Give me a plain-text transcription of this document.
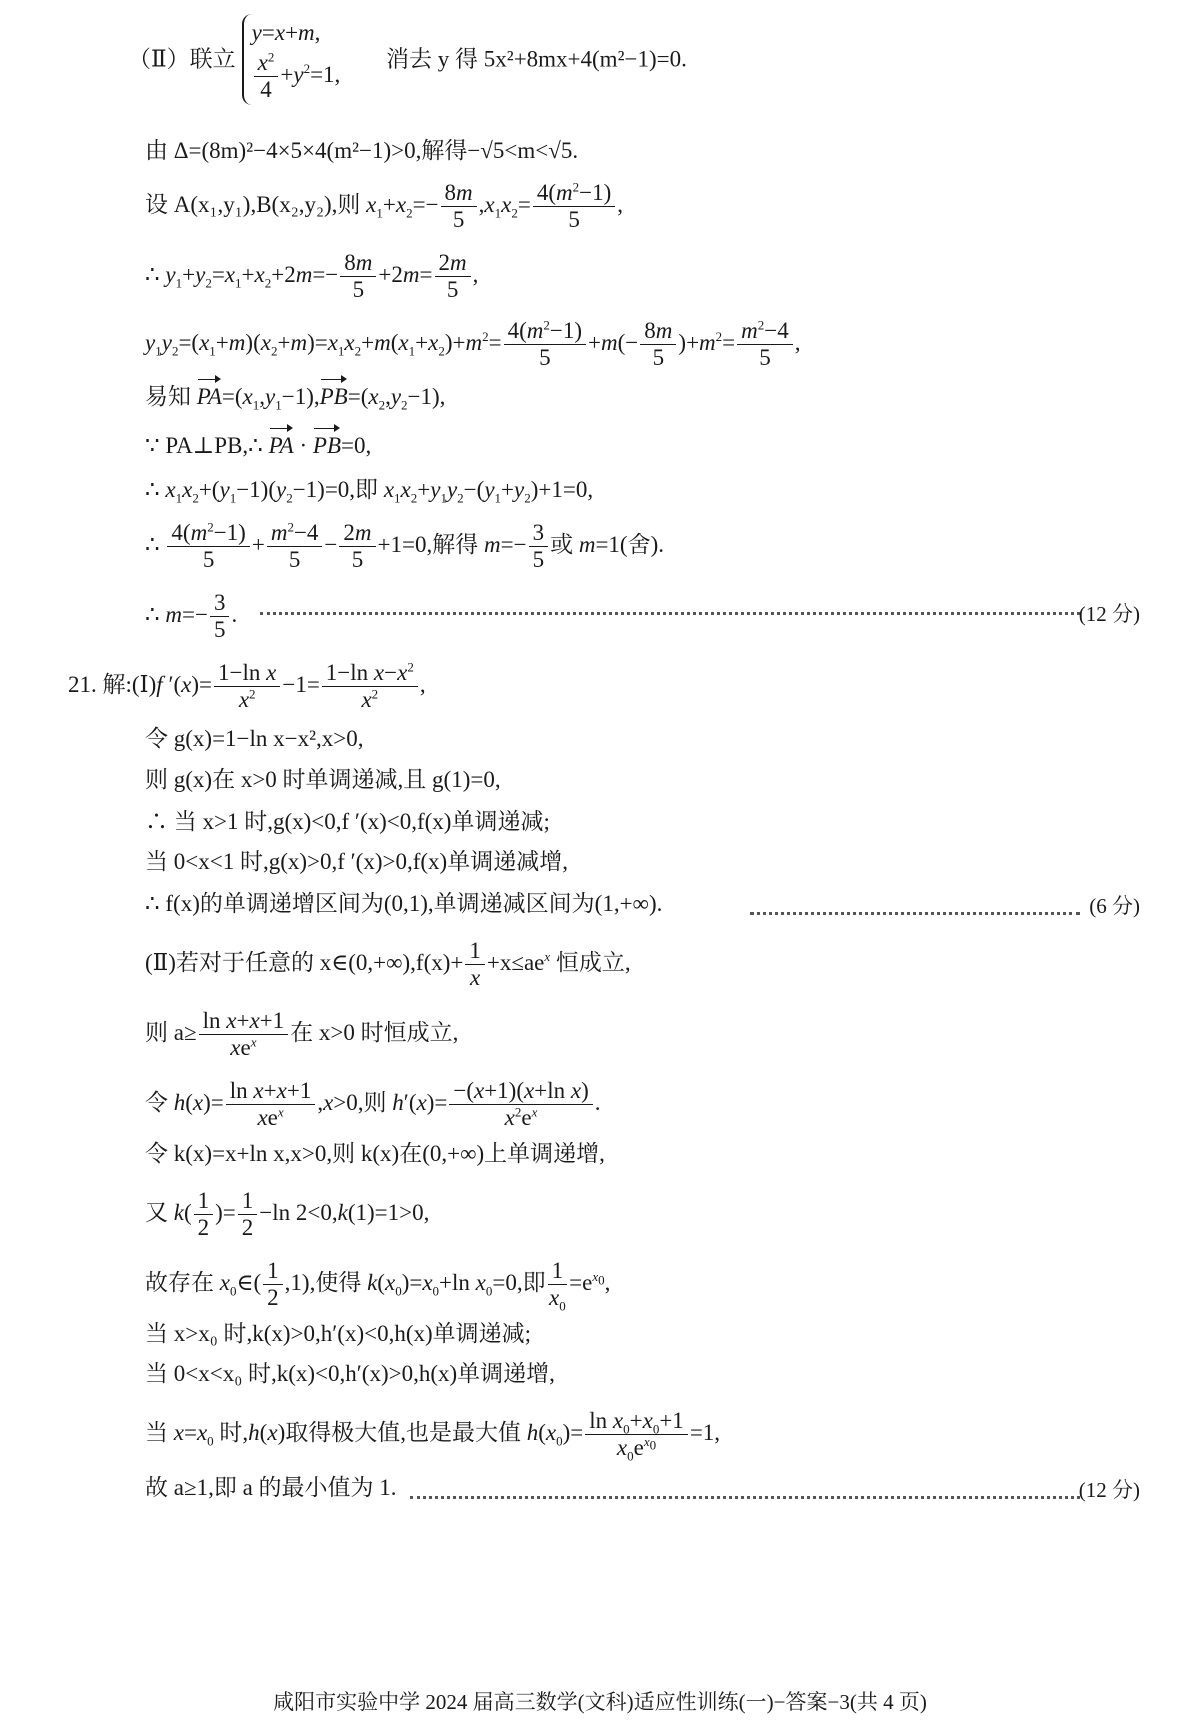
（Ⅱ）联立
y=x+m,
$\frac{x^2}{4} +y^2=1$,
消去 y 得 5x²+8mx+4(m²−1)=0.
由 Δ=(8m)²−4×5×4(m²−1)>0,解得−√5<m<√5.
设 A(x₁,y₁),B(x₂,y₂),则 $x_1+x_2=- \frac{8m}{5} ,x_1x_2= \frac{4(m^2-1)}{5}$ ,
∴ $y_1+y_2=x_1+x_2+2m=- \frac{8m}{5} +2m= \frac{2m}{5}$ ,
$y_1y_2=(x_1+m)(x_2+m)=x_1x_2+m(x_1+x_2)+m^2= \frac{4(m^2-1)}{5} +m(- \frac{8m}{5} )+m^2= \frac{m^2-4}{5}$ ,
易知 $PA=(x_1,y_1-1),PB=(x_2,y_2-1)$,
∵ PA⊥PB,∴ PA · PB=0,
∴ $x_1x_2+(y_1-1)(y_2-1)=0$,即 $x_1x_2+y_1y_2-(y_1+y_2)+1=0$,
∴ $\frac{4(m^2-1)}{5} + \frac{m^2-4}{5} - \frac{2m}{5} +1=0$,解得 $m=- \frac{3}{5}$ 或 m=1(舍).
∴ $m=- \frac{3}{5}$ .	(12 分)
21. 解:(Ⅰ)f $'(x)= \frac{\text{1−ln x}}{x^2} -1= \frac{1-\ln x-x^2}{x^2}$ ,
令 g(x)=1−ln x−x²,x>0,
则 g(x)在 x>0 时单调递减,且 g(1)=0,
∴ 当 x>1 时,g(x)<0,f ′(x)<0,f(x)单调递减;
当 0<x<1 时,g(x)>0,f ′(x)>0,f(x)单调递减增,
∴ f(x)的单调递增区间为(0,1),单调递减区间为(1,+∞).	(6 分)
(Ⅱ)若对于任意的 x∈(0,+∞),f(x)+ $\frac{1}{x} +x\le ae^x$ 恒成立,
则 $a\ge \frac{\text{ln x+x+1}}{xe^x}$ 在 x>0 时恒成立,
令 $h(x)= \frac{\text{ln x+x+1}}{xe^x} ,x>0$,则 $h'(x)= \frac{\text{−(x+1)(x+ln x)}}{x^2e^x}$ .
令 k(x)=x+ln x,x>0,则 k(x)在(0,+∞)上单调递增,
又 $k( \frac{1}{2}$ )= $\frac{1}{2} -\ln$ 2<0,k(1)=1>0,
故存在 $x_0\in( \frac{1}{2} ,1)$,使得 $k(x_0)=x_0+\ln$ $x_0=0$,即 $\frac{1}{x_0} =e^{x_0}$,
当 x>x₀ 时,k(x)>0,h′(x)<0,h(x)单调递减;
当 0<x<x₀ 时,k(x)<0,h′(x)>0,h(x)单调递增,
当 $x=x_0$ 时,h(x)取得极大值,也是最大值 $h(x_0)= \frac{\ln x_0+x_0+1}{x_0e^{x_0}} =1$,
故 a≥1,即 a 的最小值为 1.	(12 分)
咸阳市实验中学 2024 届高三数学(文科)适应性训练(一)−答案−3(共 4 页)
